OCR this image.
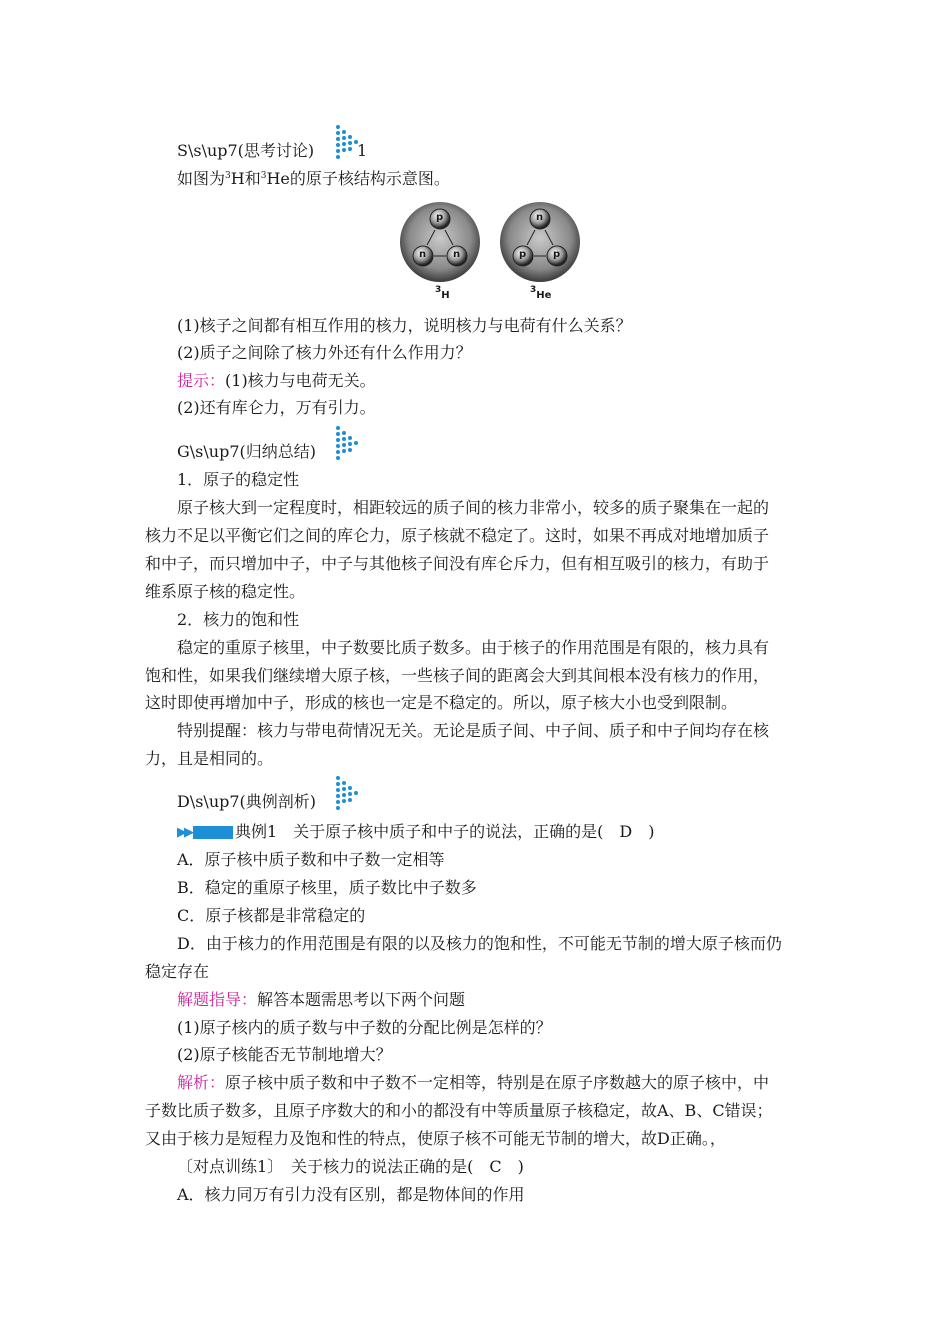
S\s\up7(思考讨论)	1
如图为$^3$H和$^3$He的原子核结构示意图。
p
n	n
n
p	p
$^3$H	$^3$He
(1)核子之间都有相互作用的核力，说明核力与电荷有什么关系？
(2)质子之间除了核力外还有什么作用力？
提示：(1)核力与电荷无关。
(2)还有库仑力，万有引力。
G\s\up7(归纳总结)
1．原子的稳定性
原子核大到一定程度时，相距较远的质子间的核力非常小，较多的质子聚集在一起的
核力不足以平衡它们之间的库仑力，原子核就不稳定了。这时，如果不再成对地增加质子
和中子，而只增加中子，中子与其他核子间没有库仑斥力，但有相互吸引的核力，有助于
维系原子核的稳定性。
2．核力的饱和性
稳定的重原子核里，中子数要比质子数多。由于核子的作用范围是有限的，核力具有
饱和性，如果我们继续增大原子核，一些核子间的距离会大到其间根本没有核力的作用，
这时即使再增加中子，形成的核也一定是不稳定的。所以，原子核大小也受到限制。
特别提醒：核力与带电荷情况无关。无论是质子间、中子间、质子和中子间均存在核
力，且是相同的。
D\s\up7(典例剖析)
▶▶	典例1　关于原子核中质子和中子的说法，正确的是(　D　)
A．原子核中质子数和中子数一定相等
B．稳定的重原子核里，质子数比中子数多
C．原子核都是非常稳定的
D．由于核力的作用范围是有限的以及核力的饱和性，不可能无节制的增大原子核而仍
稳定存在
解题指导：解答本题需思考以下两个问题
(1)原子核内的质子数与中子数的分配比例是怎样的？
(2)原子核能否无节制地增大？
解析：原子核中质子数和中子数不一定相等，特别是在原子序数越大的原子核中，中
子数比质子数多，且原子序数大的和小的都没有中等质量原子核稳定，故A、B、C错误；
又由于核力是短程力及饱和性的特点，使原子核不可能无节制的增大，故D正确。，
〔对点训练1〕　关于核力的说法正确的是(　C　)
A．核力同万有引力没有区别，都是物体间的作用
